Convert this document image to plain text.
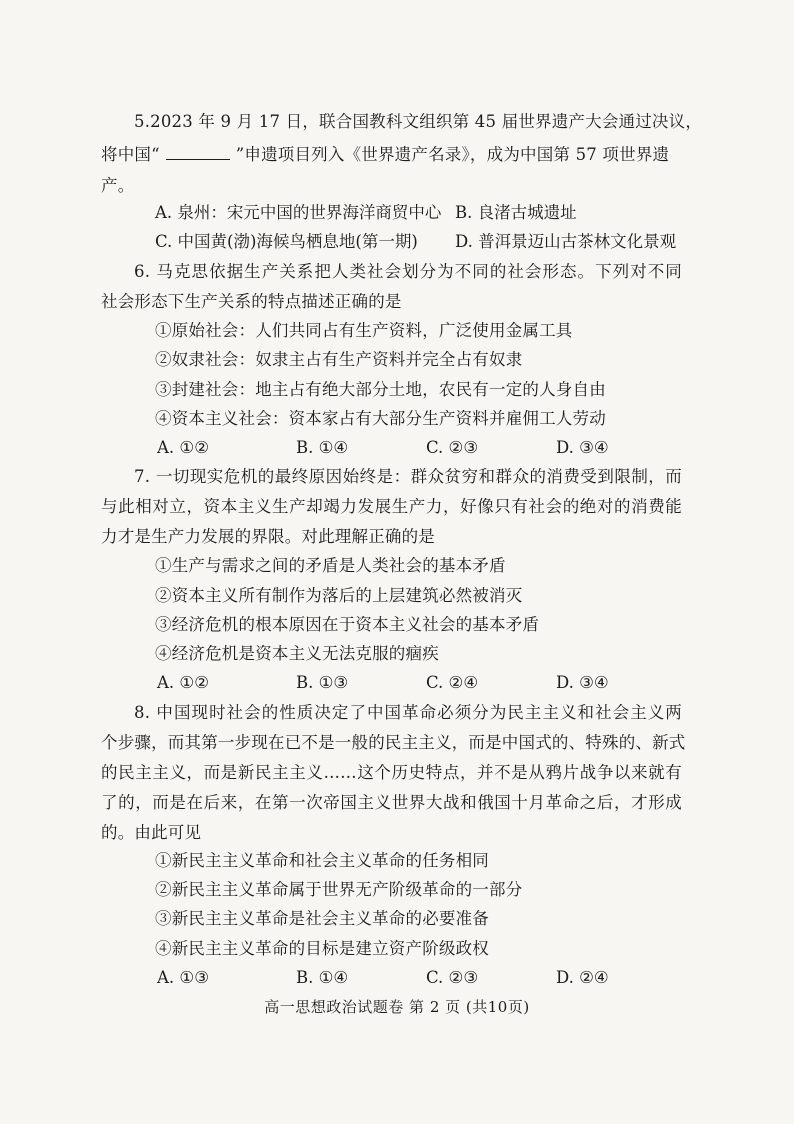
5.2023 年 9 月 17 日，联合国教科文组织第 45 届世界遗产大会通过决议，
将中国“	”申遗项目列入《世界遗产名录》，成为中国第 57 项世界遗
产。
A. 泉州：宋元中国的世界海洋商贸中心 B. 良渚古城遗址
C. 中国黄(渤)海候鸟栖息地(第一期) D. 普洱景迈山古茶林文化景观
6. 马克思依据生产关系把人类社会划分为不同的社会形态。下列对不同
社会形态下生产关系的特点描述正确的是
①原始社会：人们共同占有生产资料，广泛使用金属工具
②奴隶社会：奴隶主占有生产资料并完全占有奴隶
③封建社会：地主占有绝大部分土地，农民有一定的人身自由
④资本主义社会：资本家占有大部分生产资料并雇佣工人劳动
A. ①②	B. ①④	C. ②③	D. ③④
7. 一切现实危机的最终原因始终是：群众贫穷和群众的消费受到限制，而
与此相对立，资本主义生产却竭力发展生产力，好像只有社会的绝对的消费能
力才是生产力发展的界限。对此理解正确的是
①生产与需求之间的矛盾是人类社会的基本矛盾
②资本主义所有制作为落后的上层建筑必然被消灭
③经济危机的根本原因在于资本主义社会的基本矛盾
④经济危机是资本主义无法克服的痼疾
A. ①②	B. ①③	C. ②④	D. ③④
8. 中国现时社会的性质决定了中国革命必须分为民主主义和社会主义两
个步骤，而其第一步现在已不是一般的民主主义，而是中国式的、特殊的、新式
的民主主义，而是新民主主义……这个历史特点，并不是从鸦片战争以来就有
了的，而是在后来，在第一次帝国主义世界大战和俄国十月革命之后，才形成
的。由此可见
①新民主主义革命和社会主义革命的任务相同
②新民主主义革命属于世界无产阶级革命的一部分
③新民主主义革命是社会主义革命的必要准备
④新民主主义革命的目标是建立资产阶级政权
A. ①③	B. ①④	C. ②③	D. ②④
高一思想政治试题卷 第 2 页 (共10页)
